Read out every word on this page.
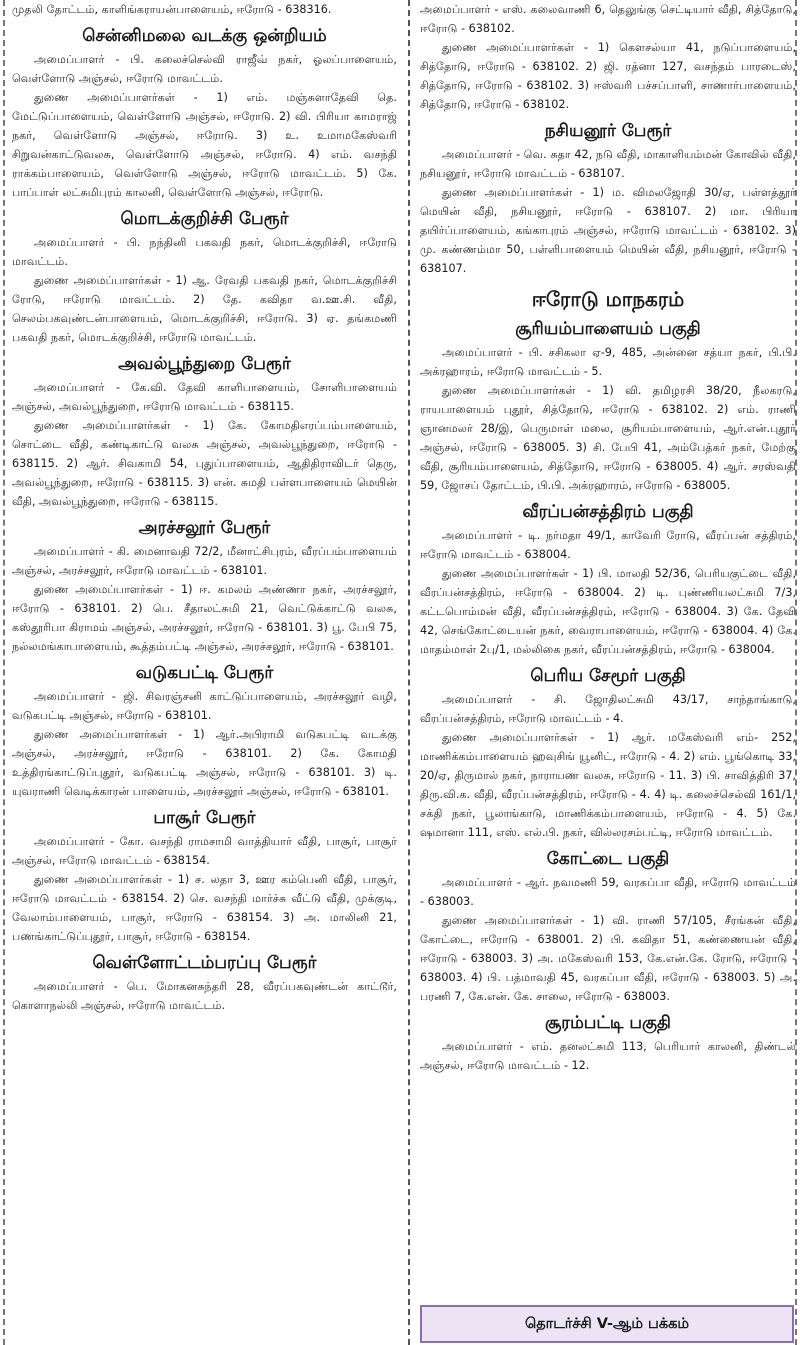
முதலி தோட்டம், காளிங்கராயன்பாளையம், ஈரோடு - 638316.

சென்னிமலை வடக்கு ஒன்றியம்

அமைப்பாளர் - பி. கலைச்செல்வி ராஜீவ் நகர், ஓலப்பாளையம், வெள்ளோடு அஞ்சல், ஈரோடு மாவட்டம்.

துணை அமைப்பாளர்கள் - 1) எம். மஞ்சுளாதேவி தெ. மேட்டுப்பாளையம், வெள்ளோடு அஞ்சல், ஈரோடு. 2) வி. பிரியா காமராஜ் நகர், வெள்ளோடு அஞ்சல், ஈரோடு. 3) உ. உமாமகேஸ்வரி சிறுவன்காட்டுவலசு, வெள்ளோடு அஞ்சல், ஈரோடு. 4) எம். வசந்தி ராக்கம்பாளையம், வெள்ளோடு அஞ்சல், ஈரோடு மாவட்டம். 5) கே. பாப்பாள் லட்சுமிபுரம் காலனி, வெள்ளோடு அஞ்சல், ஈரோடு.

மொடக்குறிச்சி பேரூர்

அமைப்பாளர் - பி. நந்தினி பகவதி நகர், மொடக்குறிச்சி, ஈரோடு மாவட்டம்.

துணை அமைப்பாளர்கள் - 1) ஆ. ரேவதி பகவதி நகர், மொடக்குறிச்சி ரோடு, ஈரோடு மாவட்டம். 2) தே. கவிதா வ.ஊ.சி. வீதி, செலம்பகவுண்டன்பாளையம், மொடக்குறிச்சி, ஈரோடு. 3) ஏ. தங்கமணி பகவதி நகர், மொடக்குறிச்சி, ஈரோடு மாவட்டம்.

அவல்பூந்துறை பேரூர்

அமைப்பாளர் - கே.வி. தேவி காளிபாளையம், சோளிபாளையம் அஞ்சல், அவல்பூந்துறை, ஈரோடு மாவட்டம் - 638115.

துணை அமைப்பாளர்கள் - 1) கே. கோமதிஎரப்பம்பாளையம், சொட்டை வீதி, கண்டிகாட்டு வலசு அஞ்சல், அவல்பூந்துறை, ஈரோடு - 638115. 2) ஆர். சிவகாமி 54, புதுப்பாளையம், ஆதிதிராவிடர் தெரு, அவல்பூந்துறை, ஈரோடு - 638115. 3) என். சுமதி பள்ளபாளையம் மெயின் வீதி, அவல்பூந்துறை, ஈரோடு - 638115.

அரச்சலூர் பேரூர்

அமைப்பாளர் - கி. மைனாவதி 72/2, மீனாட்சிபுரம், வீரப்பம்பாளையம் அஞ்சல், அரச்சலூர், ஈரோடு மாவட்டம் - 638101.

துணை அமைப்பாளர்கள் - 1) ஈ. கமலம் அண்ணா நகர், அரச்சலூர், ஈரோடு - 638101. 2) பெ. சீதாலட்சுமி 21, வெட்டுக்காட்டு வலசு, கஸ்தூரிபா கிராமம் அஞ்சல், அரச்சலூர், ஈரோடு - 638101. 3) பூ. பேபி 75, நல்லமங்காபாளையம், கூத்தம்பட்டி அஞ்சல், அரச்சலூர், ஈரோடு - 638101.

வடுகபட்டி பேரூர்

அமைப்பாளர் - ஜி. சிவரஞ்சனி காட்டுப்பாளையம், அரச்சலூர் வழி, வடுகபட்டி அஞ்சல், ஈரோடு - 638101.

துணை அமைப்பாளர்கள் - 1) ஆர்.அபிராமி வடுகபட்டி வடக்கு அஞ்சல், அரச்சலூர், ஈரோடு - 638101. 2) கே. கோமதி உத்திரங்காட்டுப்புதூர், வடுகபட்டி அஞ்சல், ஈரோடு - 638101. 3) டி. யுவராணி வெடிக்காரன் பாளையம், அரச்சலூர் அஞ்சல், ஈரோடு - 638101.

பாசூர் பேரூர்

அமைப்பாளர் - கோ. வசந்தி ராமசாமி வாத்தியார் வீதி, பாசூர், பாசூர் அஞ்சல், ஈரோடு மாவட்டம் - 638154.

துணை அமைப்பாளர்கள் - 1) ச. லதா 3, ஊர கம்பெனி வீதி, பாசூர், ஈரோடு மாவட்டம் - 638154. 2) செ. வசந்தி மார்ச்சு வீட்டு வீதி, முக்குடி, வேலாம்பாளையம், பாசூர், ஈரோடு - 638154. 3) அ. மாலினி 21, பணங்காட்டுப்புதூர், பாசூர், ஈரோடு - 638154.

வெள்ளோட்டம்பரப்பு பேரூர்

அமைப்பாளர் - பெ. மோகனசுந்தரி 28, வீரப்பகவுண்டன் காட்டூர், கொளாநல்லி அஞ்சல், ஈரோடு மாவட்டம்.

அமைப்பாளர் - எஸ். கலைவாணி 6, தெலுங்கு செட்டியார் வீதி, சித்தோடு, ஈரோடு - 638102.

துணை அமைப்பாளர்கள் - 1) கௌசல்யா 41, நடுப்பாளையம், சித்தோடு, ஈரோடு - 638102. 2) ஜி. ரத்னா 127, வசந்தம் பாரடைஸ், சித்தோடு, ஈரோடு - 638102. 3) ஈஸ்வரி பச்சப்பாளி, சாணார்பாளையம், சித்தோடு, ஈரோடு - 638102.

நசியனூர் பேரூர்

அமைப்பாளர் - வெ. சுதா 42, நடு வீதி, மாகாளியம்மன் கோவில் வீதி, நசியனூர், ஈரோடு மாவட்டம் - 638107.

துணை அமைப்பாளர்கள் - 1) ம. விமலஜோதி 30/ஏ, பள்ளத்தூர் மெயின் வீதி, நசியனூர், ஈரோடு - 638107. 2) மா. பிரியா தயிர்ப்பாளையம், கங்காபுரம் அஞ்சல், ஈரோடு மாவட்டம் - 638102. 3) மு. கண்ணம்மா 50, பள்ளிபாளையம் மெயின் வீதி, நசியனூர், ஈரோடு - 638107.

ஈரோடு மாநகரம்
சூரியம்பாளையம் பகுதி

அமைப்பாளர் - பி. சசிகலா ஏ-9, 485, அன்னை சத்யா நகர், பி.பி. அக்ரஹாரம், ஈரோடு மாவட்டம் - 5.

துணை அமைப்பாளர்கள் - 1) வி. தமிழரசி 38/20, நீலகரடு, ராயபாளையம் புதூர், சித்தோடு, ஈரோடு - 638102. 2) எம். ராணி ஞானமலர் 28/இ, பெருமாள் மலை, சூரியம்பாளையம், ஆர்.என்.புதூர் அஞ்சல், ஈரோடு - 638005. 3) சி. பேபி 41, அம்பேத்கர் நகர், மேற்கு வீதி, சூரியம்பாளையம், சித்தோடு, ஈரோடு - 638005. 4) ஆர். சரஸ்வதி 59, ஜோசப் தோட்டம், பி.பி. அக்ரஹாரம், ஈரோடு - 638005.

வீரப்பன்சத்திரம் பகுதி

அமைப்பாளர் - டி. நர்மதா 49/1, காவேரி ரோடு, வீரப்பன் சத்திரம், ஈரோடு மாவட்டம் - 638004.

துணை அமைப்பாளர்கள் - 1) பி. மாலதி 52/36, பெரியகுட்டை வீதி, வீரப்பன்சத்திரம், ஈரோடு - 638004. 2) டி. புண்ணியலட்சுமி 7/3, கட்டபொம்மன் வீதி, வீரப்பன்சத்திரம், ஈரோடு - 638004. 3) கே. தேவி 42, செங்கோட்டையன் நகர், வைராபாளையம், ஈரோடு - 638004. 4) கே. மாதம்மாள் 2பு/1, மல்லிகை நகர், வீரப்பன்சத்திரம், ஈரோடு - 638004.

பெரிய சேமூர் பகுதி

அமைப்பாளர் - சி. ஜோதிலட்சுமி 43/17, சாந்தாங்காடு, வீரப்பன்சத்திரம், ஈரோடு மாவட்டம் - 4.

துணை அமைப்பாளர்கள் - 1) ஆர். மகேஸ்வரி எம்- 252, மாணிக்கம்பாளையம் ஹவுசிங் யூனிட், ஈரோடு - 4. 2) எம். பூங்கொடி 33, 20/ஏ, திருமால் நகர், நாராயண வலசு, ஈரோடு - 11. 3) பி. சாவித்திரி 37, திரு.வி.க. வீதி, வீரப்பன்சத்திரம், ஈரோடு - 4. 4) டி. கலைச்செல்வி 161/1, சக்தி நகர், பூலாங்காடு, மாணிக்கம்பாளையம், ஈரோடு - 4. 5) கே. ஷமானா 111, எஸ். எல்.பி. நகர், வில்லரசம்பட்டி, ஈரோடு மாவட்டம்.

கோட்டை பகுதி

அமைப்பாளர் - ஆர். நவமணி 59, வரகப்பா வீதி, ஈரோடு மாவட்டம் - 638003.

துணை அமைப்பாளர்கள் - 1) வி. ராணி 57/105, சீரங்கன் வீதி, கோட்டை, ஈரோடு - 638001. 2) பி. கவிதா 51, கண்ணையன் வீதி, ஈரோடு - 638003. 3) அ. மகேஸ்வரி 153, கே.என்.கே. ரோடு, ஈரோடு - 638003. 4) பி. பத்மாவதி 45, வரகப்பா வீதி, ஈரோடு - 638003. 5) அ. பரணி 7, கே.என். கே. சாலை, ஈரோடு - 638003.

சூரம்பட்டி பகுதி

அமைப்பாளர் - எம். தனலட்சுமி 113, பெரியார் காலனி, திண்டல் அஞ்சல், ஈரோடு மாவட்டம் - 12.

தொடர்ச்சி V-ஆம் பக்கம்
